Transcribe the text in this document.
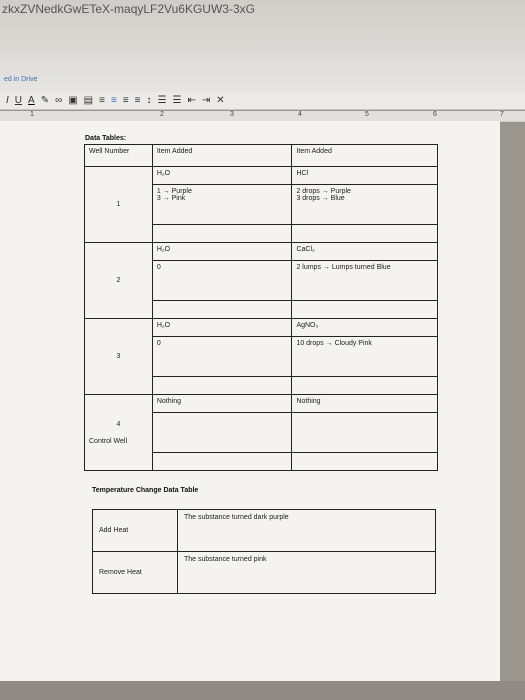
zkxZVNedkGwETeX-maqyLF2Vu6KGUW3-3xG
ed in Drive
I U A ✎ ∞ ▣ ▤ ≡ ≡ ≡ ≡ ↕ ☰ ☰ ⇤ ⇥ ✕
1	2	3	4	5	6	7
Data Tables:
Well Number	Item Added	Item Added
1	H₂O	HCl
	1 → Purple
3 → Pink	2 drops → Purple
3 drops → Blue

2	H₂O	CaCl₂
	0	2 lumps → Lumps turned Blue

3	H₂O	AgNO₃
	0	10 drops → Cloudy Pink

4
Control Well	Nothing	Nothing

Temperature Change Data Table
Add Heat	The substance turned dark purple
Remove Heat	The substance turned pink
